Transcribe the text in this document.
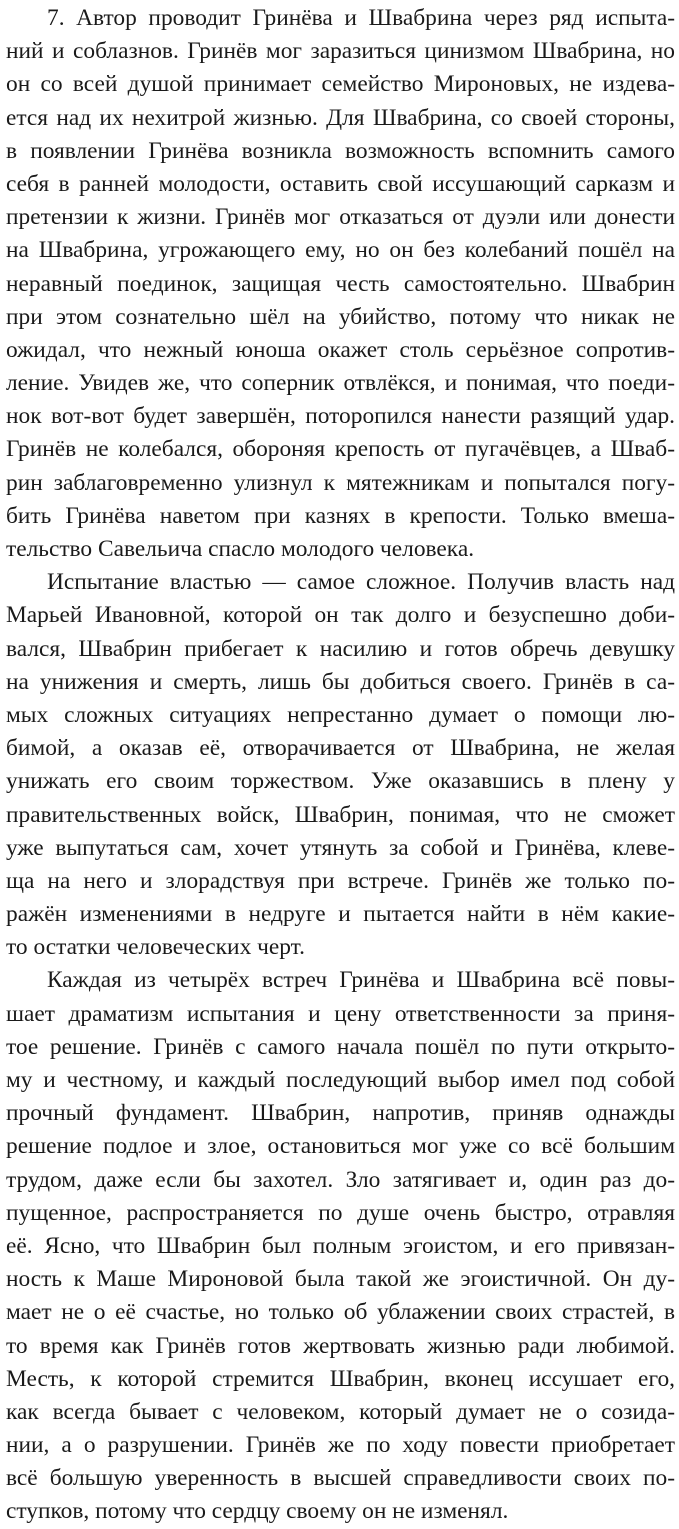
7. Автор проводит Гринёва и Швабрина через ряд испыта-
ний и соблазнов. Гринёв мог заразиться цинизмом Швабрина, но
он со всей душой принимает семейство Мироновых, не издева-
ется над их нехитрой жизнью. Для Швабрина, со своей стороны,
в появлении Гринёва возникла возможность вспомнить самого
себя в ранней молодости, оставить свой иссушающий сарказм и
претензии к жизни. Гринёв мог отказаться от дуэли или донести
на Швабрина, угрожающего ему, но он без колебаний пошёл на
неравный поединок, защищая честь самостоятельно. Швабрин
при этом сознательно шёл на убийство, потому что никак не
ожидал, что нежный юноша окажет столь серьёзное сопротив-
ление. Увидев же, что соперник отвлёкся, и понимая, что поеди-
нок вот-вот будет завершён, поторопился нанести разящий удар.
Гринёв не колебался, обороняя крепость от пугачёвцев, а Шваб-
рин заблаговременно улизнул к мятежникам и попытался погу-
бить Гринёва наветом при казнях в крепости. Только вмеша-
тельство Савельича спасло молодого человека.
Испытание властью — самое сложное. Получив власть над
Марьей Ивановной, которой он так долго и безуспешно доби-
вался, Швабрин прибегает к насилию и готов обречь девушку
на унижения и смерть, лишь бы добиться своего. Гринёв в са-
мых сложных ситуациях непрестанно думает о помощи лю-
бимой, а оказав её, отворачивается от Швабрина, не желая
унижать его своим торжеством. Уже оказавшись в плену у
правительственных войск, Швабрин, понимая, что не сможет
уже выпутаться сам, хочет утянуть за собой и Гринёва, клеве-
ща на него и злорадствуя при встрече. Гринёв же только по-
ражён изменениями в недруге и пытается найти в нём какие-
то остатки человеческих черт.
Каждая из четырёх встреч Гринёва и Швабрина всё повы-
шает драматизм испытания и цену ответственности за приня-
тое решение. Гринёв с самого начала пошёл по пути открыто-
му и честному, и каждый последующий выбор имел под собой
прочный фундамент. Швабрин, напротив, приняв однажды
решение подлое и злое, остановиться мог уже со всё большим
трудом, даже если бы захотел. Зло затягивает и, один раз до-
пущенное, распространяется по душе очень быстро, отравляя
её. Ясно, что Швабрин был полным эгоистом, и его привязан-
ность к Маше Мироновой была такой же эгоистичной. Он ду-
мает не о её счастье, но только об ублажении своих страстей, в
то время как Гринёв готов жертвовать жизнью ради любимой.
Месть, к которой стремится Швабрин, вконец иссушает его,
как всегда бывает с человеком, который думает не о созида-
нии, а о разрушении. Гринёв же по ходу повести приобретает
всё большую уверенность в высшей справедливости своих по-
ступков, потому что сердцу своему он не изменял.
